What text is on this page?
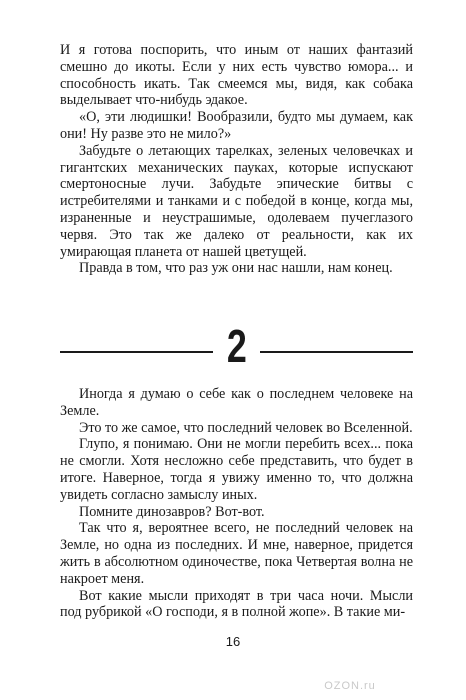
И я готова поспорить, что иным от наших фантазий смешно до икоты. Если у них есть чувство юмора... и способность икать. Так смеемся мы, видя, как собака выделывает что-нибудь эдакое.

«О, эти людишки! Вообразили, будто мы думаем, как они! Ну разве это не мило?»

Забудьте о летающих тарелках, зеленых человечках и гигантских механических пауках, которые испускают смертоносные лучи. Забудьте эпические битвы с истребителями и танками и с победой в конце, когда мы, израненные и неустрашимые, одолеваем пучеглазого червя. Это так же далеко от реальности, как их умирающая планета от нашей цветущей.

Правда в том, что раз уж они нас нашли, нам конец.

2

Иногда я думаю о себе как о последнем человеке на Земле.

Это то же самое, что последний человек во Вселенной.

Глупо, я понимаю. Они не могли перебить всех... пока не смогли. Хотя несложно себе представить, что будет в итоге. Наверное, тогда я увижу именно то, что должна увидеть согласно замыслу иных.

Помните динозавров? Вот-вот.

Так что я, вероятнее всего, не последний человек на Земле, но одна из последних. И мне, наверное, придется жить в абсолютном одиночестве, пока Четвертая волна не накроет меня.

Вот какие мысли приходят в три часа ночи. Мысли под рубрикой «О господи, я в полной жопе». В такие ми-

16
OZON.ru
